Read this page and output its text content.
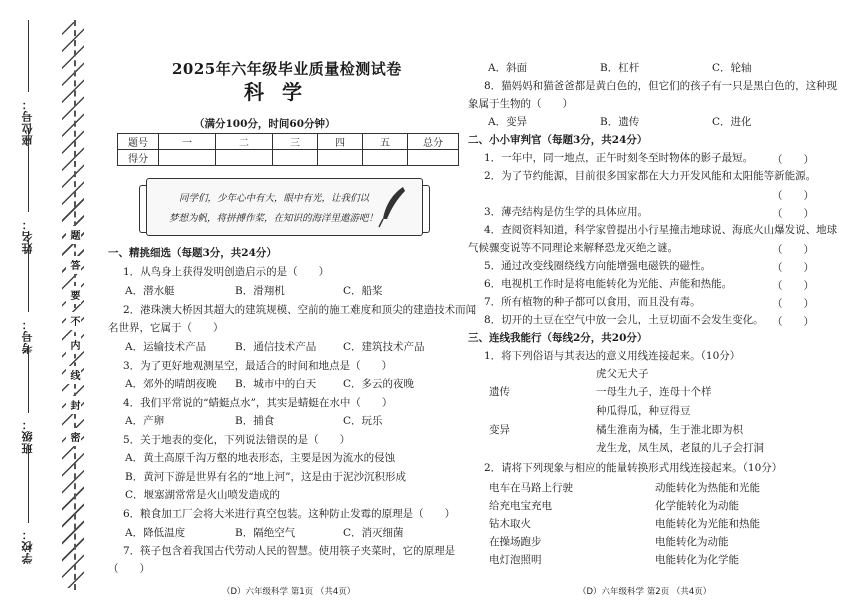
座位号：
姓名：
考号：
班级：
学校：
题
答
要
不
内
线
封
密
2025年六年级毕业质量检测试卷
科学
（满分100分，时间60分钟）
题号	一	二	三	四	五	总分
得分						
同学们，少年心中有大，眼中有光，让我们以
梦想为帆，将拼搏作桨，在知识的海洋里遨游吧！
一、精挑细选（每题3分，共24分）
1．从鸟身上获得发明创造启示的是（　　）
A．潜水艇	B．滑翔机	C．船桨
2．港珠澳大桥因其超大的建筑规模、空前的施工难度和顶尖的建造技术而闻
名世界，它属于（　　）
A．运输技术产品	B．通信技术产品	C．建筑技术产品
3．为了更好地观测星空，最适合的时间和地点是（　　）
A．郊外的晴朗夜晚 B．城市中的白天	C．多云的夜晚
4．我们平常说的“蜻蜓点水”，其实是蜻蜓在水中（　　）
A．产卵	B．捕食	C．玩乐
5．关于地表的变化，下列说法错误的是（　　）
A．黄土高原千沟万壑的地表形态，主要是因为流水的侵蚀
B．黄河下游是世界有名的“地上河”，这是由于泥沙沉积形成
C．堰塞湖常常是火山喷发造成的
6．粮食加工厂会将大米进行真空包装。这种防止发霉的原理是（　　）
A．降低温度	B．隔绝空气	C．消灭细菌
7．筷子包含着我国古代劳动人民的智慧。使用筷子夹菜时，它的原理是
（　　）
（D）六年级科学 第1页 （共4页）
A．斜面	B．杠杆	C．轮轴
8．猫妈妈和猫爸爸都是黄白色的，但它们的孩子有一只是黑白色的，这种现
象属于生物的（　　）
A．变异	B．遗传	C．进化
二、小小审判官（每题3分，共24分）
1．一年中，同一地点，正午时刻冬至时物体的影子最短。 （　　）
2．为了节约能源，目前很多国家都在大力开发风能和太阳能等新能源。
（　　）
3．薄壳结构是仿生学的具体应用。	（　　）
4．查阅资料知道，科学家曾提出小行星撞击地球说、海底火山爆发说、地球
气候骤变说等不同理论来解释恐龙灭绝之谜。	（　　）
5．通过改变线圈绕线方向能增强电磁铁的磁性。	（　　）
6．电视机工作时是将电能转化为光能、声能和热能。	（　　）
7．所有植物的种子都可以食用，而且没有毒。	（　　）
8．切开的土豆在空气中放一会儿，土豆切面不会发生变化。 （　　）
三、连线我能行（每线2分，共20分）
1．将下列俗语与其表达的意义用线连接起来。（10分）
虎父无犬子
遗传	一母生九子，连母十个样
种瓜得瓜，种豆得豆
变异	橘生淮南为橘，生于淮北即为枳
龙生龙，凤生凤，老鼠的儿子会打洞
2．请将下列现象与相应的能量转换形式用线连接起来。（10分）
电车在马路上行驶	动能转化为热能和光能
给充电宝充电	化学能转化为动能
钻木取火	电能转化为光能和热能
在操场跑步	电能转化为动能
电灯泡照明	电能转化为化学能
（D）六年级科学 第2页 （共4页）
